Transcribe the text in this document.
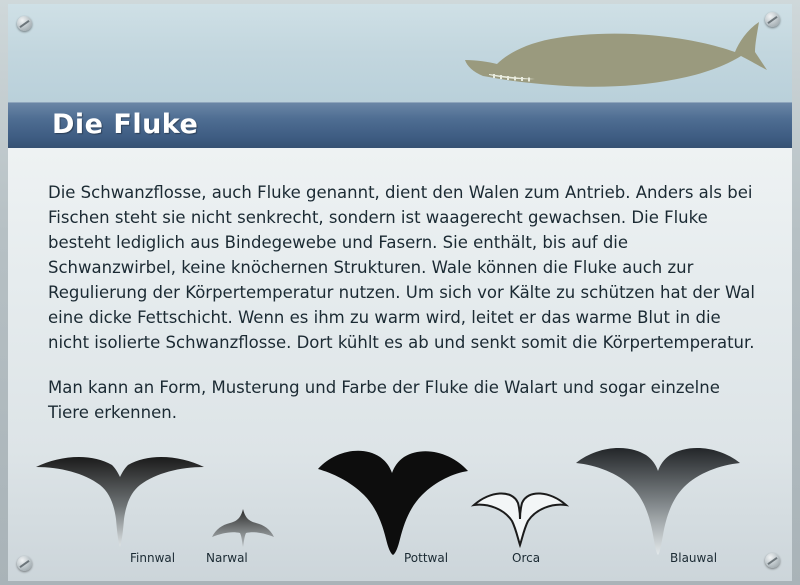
Die Fluke

Die Schwanzflosse, auch Fluke genannt, dient den Walen zum Antrieb. Anders als bei Fischen steht sie nicht senkrecht, sondern ist waagerecht gewachsen. Die Fluke besteht lediglich aus Bindegewebe und Fasern. Sie enthält, bis auf die Schwanzwirbel, keine knöchernen Strukturen. Wale können die Fluke auch zur Regulierung der Körpertemperatur nutzen. Um sich vor Kälte zu schützen hat der Wal eine dicke Fettschicht. Wenn es ihm zu warm wird, leitet er das warme Blut in die nicht isolierte Schwanzflosse. Dort kühlt es ab und senkt somit die Körpertemperatur.

Man kann an Form, Musterung und Farbe der Fluke die Walart und sogar einzelne Tiere erkennen.

Finnwal	Narwal	Pottwal	Orca	Blauwal
